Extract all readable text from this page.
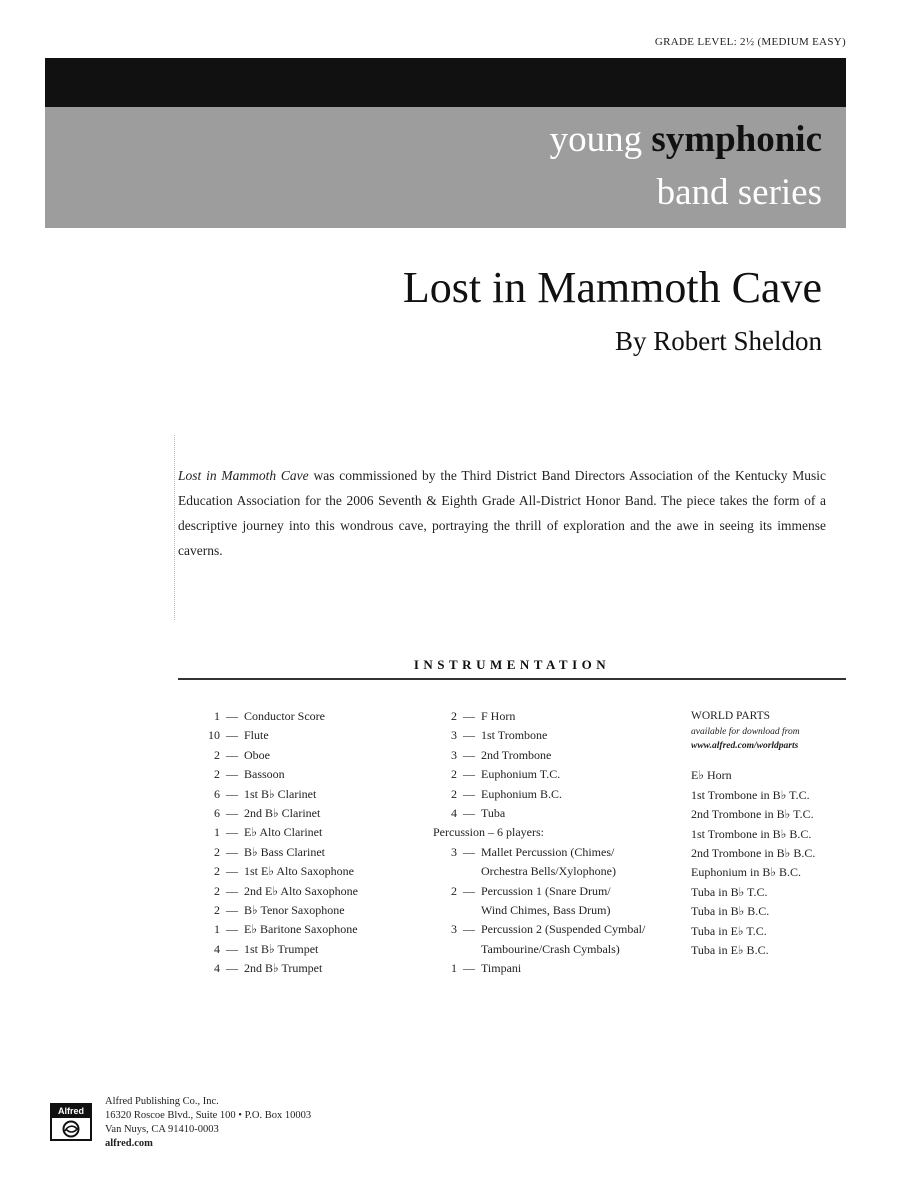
GRADE LEVEL: 2½ (MEDIUM EASY)
young symphonic
band series
Lost in Mammoth Cave
By Robert Sheldon
Lost in Mammoth Cave was commissioned by the Third District Band Directors Association of the Kentucky Music Education Association for the 2006 Seventh & Eighth Grade All-District Honor Band. The piece takes the form of a descriptive journey into this wondrous cave, portraying the thrill of exploration and the awe in seeing its immense caverns.
INSTRUMENTATION
1 — Conductor Score
10 — Flute
2 — Oboe
2 — Bassoon
6 — 1st B♭ Clarinet
6 — 2nd B♭ Clarinet
1 — E♭ Alto Clarinet
2 — B♭ Bass Clarinet
2 — 1st E♭ Alto Saxophone
2 — 2nd E♭ Alto Saxophone
2 — B♭ Tenor Saxophone
1 — E♭ Baritone Saxophone
4 — 1st B♭ Trumpet
4 — 2nd B♭ Trumpet
2 — F Horn
3 — 1st Trombone
3 — 2nd Trombone
2 — Euphonium T.C.
2 — Euphonium B.C.
4 — Tuba
Percussion – 6 players:
3 — Mallet Percussion (Chimes/
Orchestra Bells/Xylophone)
2 — Percussion 1 (Snare Drum/
Wind Chimes, Bass Drum)
3 — Percussion 2 (Suspended Cymbal/
Tambourine/Crash Cymbals)
1 — Timpani
WORLD PARTS
available for download from
www.alfred.com/worldparts
E♭ Horn
1st Trombone in B♭ T.C.
2nd Trombone in B♭ T.C.
1st Trombone in B♭ B.C.
2nd Trombone in B♭ B.C.
Euphonium in B♭ B.C.
Tuba in B♭ T.C.
Tuba in B♭ B.C.
Tuba in E♭ T.C.
Tuba in E♭ B.C.
Alfred
Alfred Publishing Co., Inc.
16320 Roscoe Blvd., Suite 100 • P.O. Box 10003
Van Nuys, CA 91410-0003
alfred.com
